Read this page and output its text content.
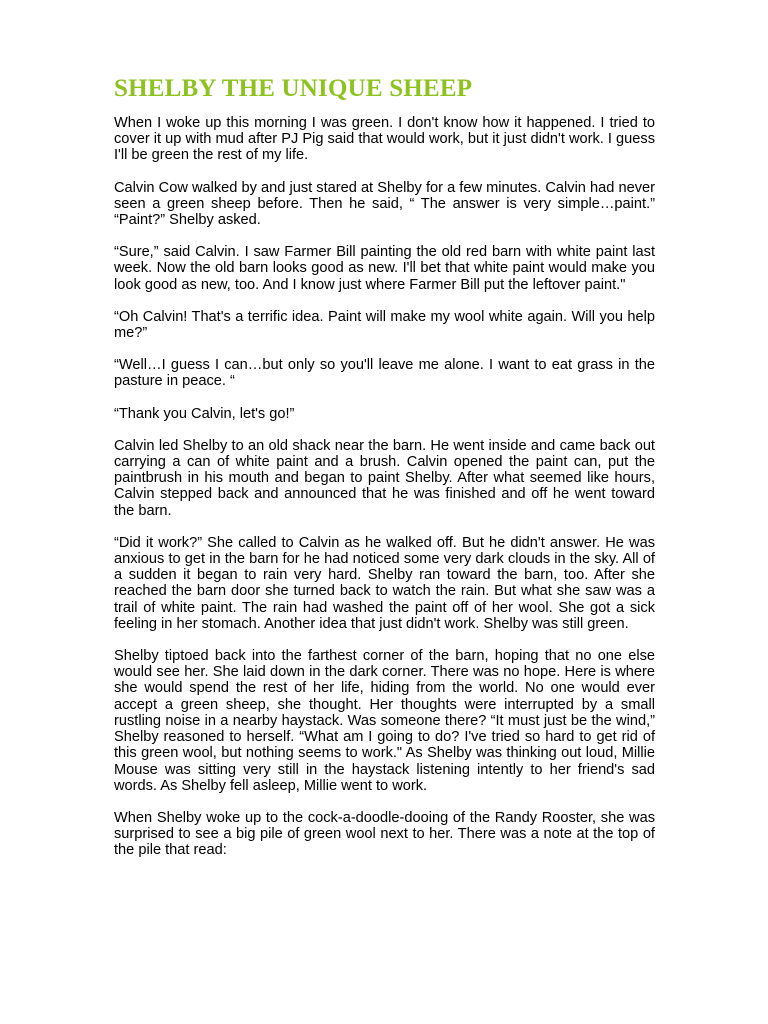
SHELBY THE UNIQUE SHEEP

When I woke up this morning I was green. I don't know how it happened. I tried to cover it up with mud after PJ Pig said that would work, but it just didn't work. I guess I'll be green the rest of my life.

Calvin Cow walked by and just stared at Shelby for a few minutes. Calvin had never seen a green sheep before. Then he said, “ The answer is very simple…paint.” “Paint?” Shelby asked.

“Sure,” said Calvin. I saw Farmer Bill painting the old red barn with white paint last week. Now the old barn looks good as new. I'll bet that white paint would make you look good as new, too. And I know just where Farmer Bill put the leftover paint."

“Oh Calvin! That's a terrific idea. Paint will make my wool white again. Will you help me?”

“Well…I guess I can…but only so you'll leave me alone. I want to eat grass in the pasture in peace. “

“Thank you Calvin, let's go!”

Calvin led Shelby to an old shack near the barn. He went inside and came back out carrying a can of white paint and a brush. Calvin opened the paint can, put the paintbrush in his mouth and began to paint Shelby. After what seemed like hours, Calvin stepped back and announced that he was finished and off he went toward the barn.

“Did it work?” She called to Calvin as he walked off. But he didn't answer. He was anxious to get in the barn for he had noticed some very dark clouds in the sky. All of a sudden it began to rain very hard. Shelby ran toward the barn, too. After she reached the barn door she turned back to watch the rain. But what she saw was a trail of white paint. The rain had washed the paint off of her wool. She got a sick feeling in her stomach. Another idea that just didn't work. Shelby was still green.

Shelby tiptoed back into the farthest corner of the barn, hoping that no one else would see her. She laid down in the dark corner. There was no hope. Here is where she would spend the rest of her life, hiding from the world. No one would ever accept a green sheep, she thought. Her thoughts were interrupted by a small rustling noise in a nearby haystack. Was someone there? “It must just be the wind,” Shelby reasoned to herself. “What am I going to do? I've tried so hard to get rid of this green wool, but nothing seems to work." As Shelby was thinking out loud, Millie Mouse was sitting very still in the haystack listening intently to her friend's sad words. As Shelby fell asleep, Millie went to work.

When Shelby woke up to the cock-a-doodle-dooing of the Randy Rooster, she was surprised to see a big pile of green wool next to her. There was a note at the top of the pile that read:
